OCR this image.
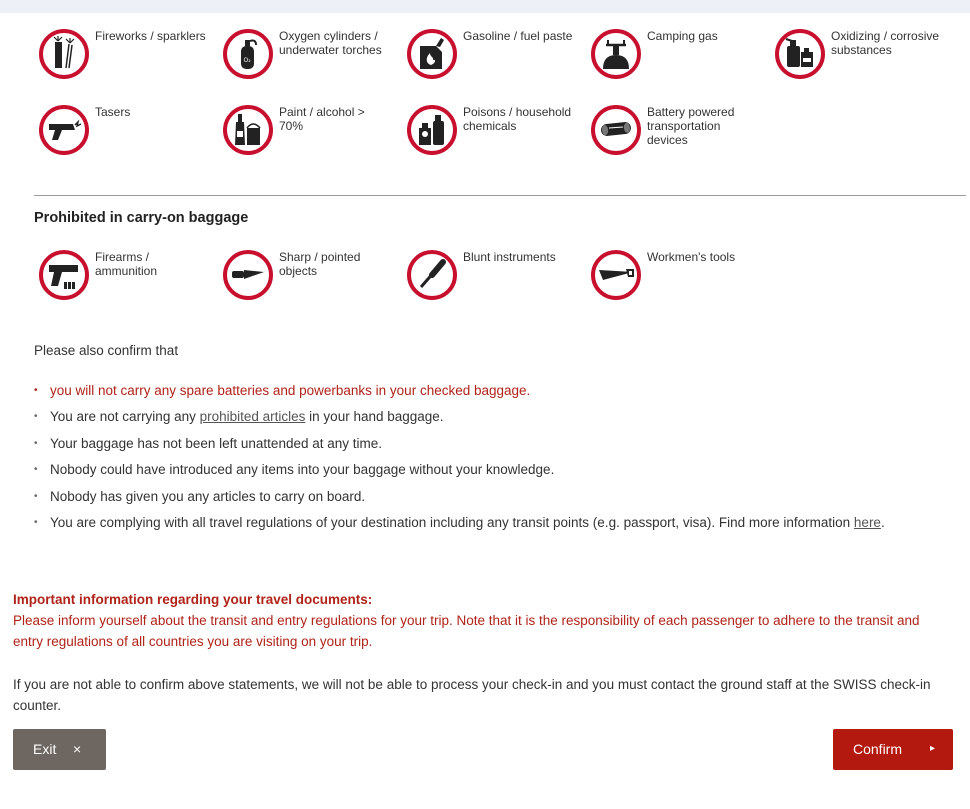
Fireworks / sparklers
O₂
Oxygen cylinders / underwater torches
Gasoline / fuel paste	Camping gas	Oxidizing / corrosive substances
Tasers	Paint / alcohol > 70%
Poisons / household chemicals
Battery powered transportation devices
Prohibited in carry-on baggage
Firearms / ammunition
Sharp / pointed objects
Blunt instruments	Workmen's tools
Please also confirm that
• you will not carry any spare batteries and powerbanks in your checked baggage.
• You are not carrying any prohibited articles in your hand baggage.
• Your baggage has not been left unattended at any time.
• Nobody could have introduced any items into your baggage without your knowledge.
• Nobody has given you any articles to carry on board.
• You are complying with all travel regulations of your destination including any transit points (e.g. passport, visa). Find more information here.
Important information regarding your travel documents:
Please inform yourself about the transit and entry regulations for your trip. Note that it is the responsibility of each passenger to adhere to the transit and entry regulations of all countries you are visiting on your trip.
If you are not able to confirm above statements, we will not be able to process your check-in and you must contact the ground staff at the SWISS check-in counter.
Exit ×	Confirm	▸
